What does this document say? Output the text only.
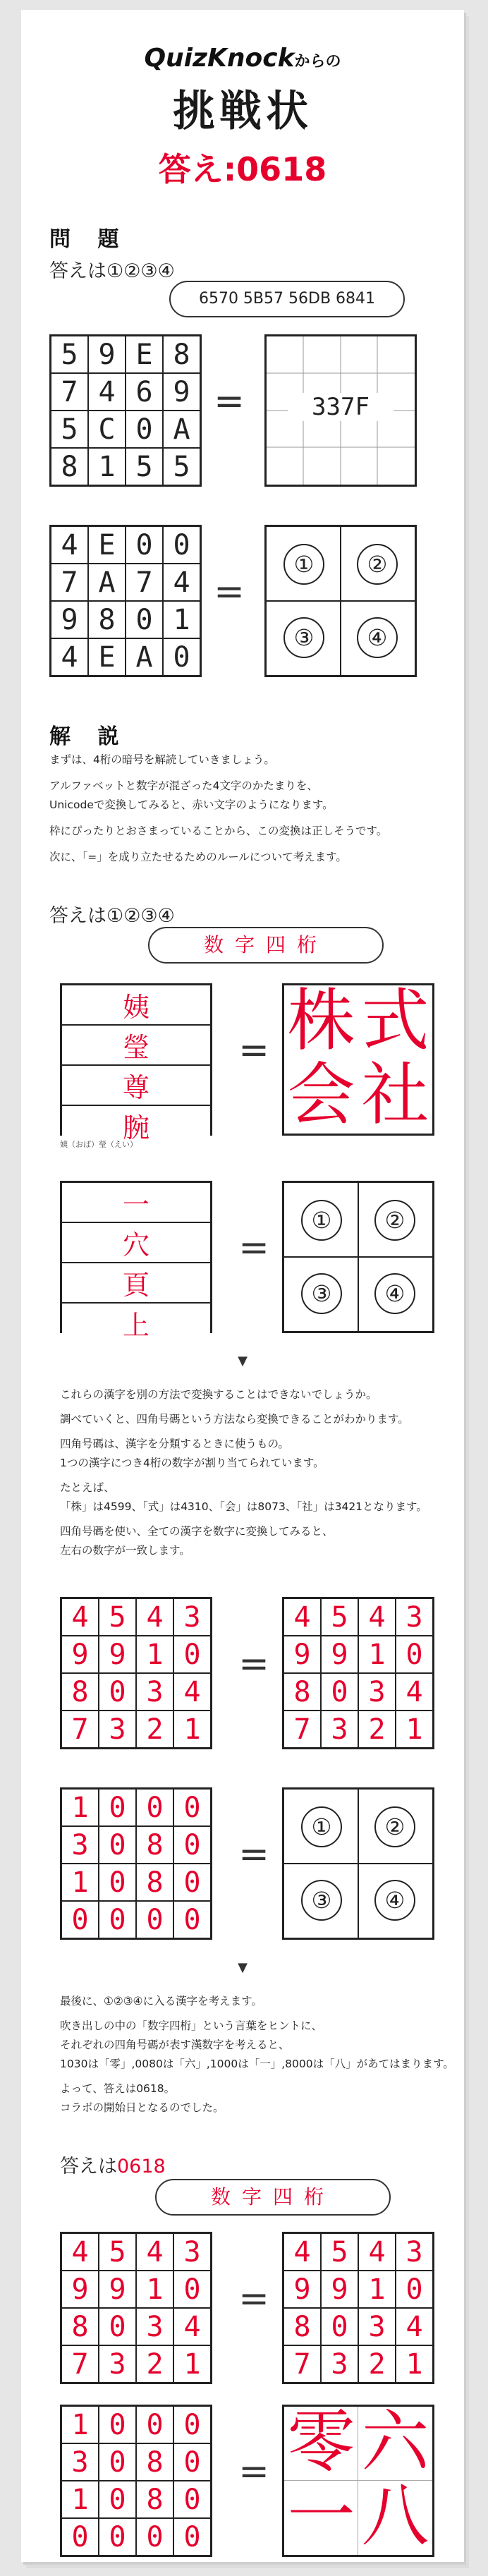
QuizKnockからの
挑戦状
答え:0618
問 題
答えは①②③④
6570 5B57 56DB 6841
5 9 E 8
7 4 6 9
5 C 0 A
8 1 5 5
=	337F
4 E 0 0
7 A 7 4
9 8 0 1
4 E A 0
=
①	②
③	④
解 説
まずは、4桁の暗号を解読していきましょう。
アルファベットと数字が混ざった4文字のかたまりを、
Unicodeで変換してみると、赤い文字のようになります。
枠にぴったりとおさまっていることから、この変換は正しそうです。
次に、「=」を成り立たせるためのルールについて考えます。
答えは①②③④
数字四桁
姨
瑩
尊
腕
姨（おば）瑩（えい）
= 株 式
会 社
一
穴
頁
上
=
①	②
③	④
▼
これらの漢字を別の方法で変換することはできないでしょうか。
調べていくと、四角号碼という方法なら変換できることがわかります。
四角号碼は、漢字を分類するときに使うもの。
1つの漢字につき4桁の数字が割り当てられています。
たとえば、
「株」は4599、「式」は4310、「会」は8073、「社」は3421となります。
四角号碼を使い、全ての漢字を数字に変換してみると、
左右の数字が一致します。
4 5 4 3
9 9 1 0
8 0 3 4
7 3 2 1
=
4 5 4 3
9 9 1 0
8 0 3 4
7 3 2 1
1 0 0 0
3 0 8 0
1 0 8 0
0 0 0 0
=
①	②
③	④
▼
最後に、①②③④に入る漢字を考えます。
吹き出しの中の「数字四桁」という言葉をヒントに、
それぞれの四角号碼が表す漢数字を考えると、
1030は「零」,0080は「六」,1000は「一」,8000は「八」があてはまります。
よって、答えは0618。
コラボの開始日となるのでした。
答えは0618
数字四桁
4 5 4 3
9 9 1 0
8 0 3 4
7 3 2 1
=
4 5 4 3
9 9 1 0
8 0 3 4
7 3 2 1
1 0 0 0
3 0 8 0
1 0 8 0
0 0 0 0
= 零 六
一 八
